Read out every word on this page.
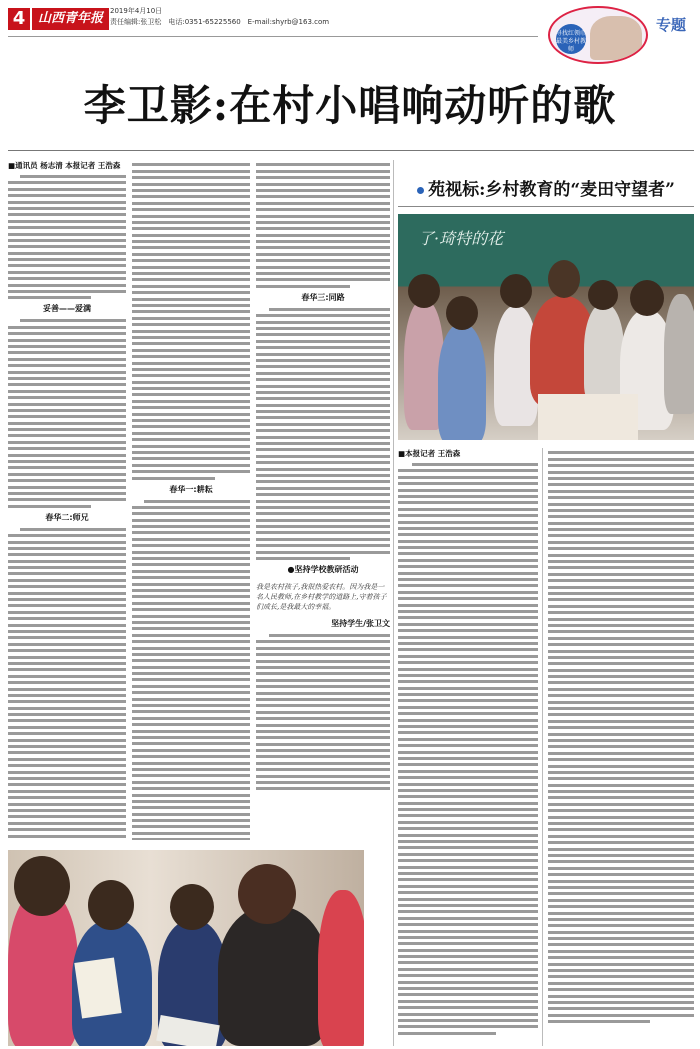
4 山西青年报 2019年4月10日
责任编辑:张卫松　电话:0351-65225560　E-mail:shyrb@163.com
寻找红领巾最美乡村教师
专题
李卫影:在村小唱响动听的歌
■通讯员 杨志清 本报记者 王浩森
妥善——爱满
春华二:师兄
春华一:耕耘
春华三:同路
●坚持学校教研活动
我是农村孩子,我很热爱农村。因为我是一名人民教师,在乡村教学的道路上,守着孩子们成长,是我最大的幸福。
坚持学生/张卫文
苑视标:乡村教育的“麦田守望者”
了·琦特的花
■本报记者 王浩森
